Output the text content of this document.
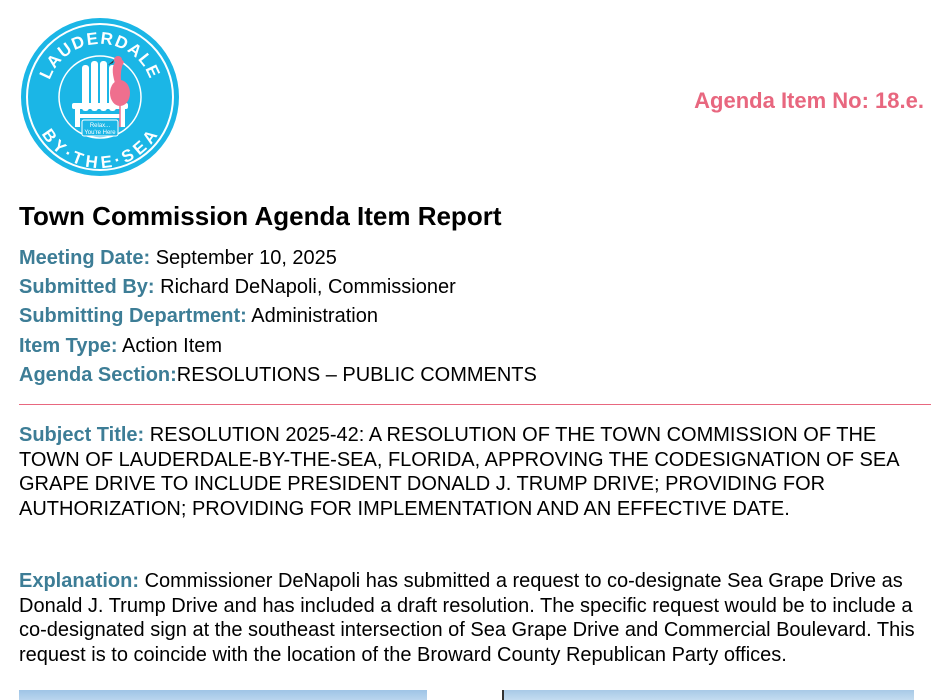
Relax...
You're Here
LAUDERDALE
BY·THE·SEA
Agenda Item No: 18.e.
Town Commission Agenda Item Report
Meeting Date: September 10, 2025
Submitted By: Richard DeNapoli, Commissioner
Submitting Department: Administration
Item Type: Action Item
Agenda Section:RESOLUTIONS – PUBLIC COMMENTS

Subject Title: RESOLUTION 2025-42: A RESOLUTION OF THE TOWN COMMISSION OF THE TOWN OF LAUDERDALE-BY-THE-SEA, FLORIDA, APPROVING THE CODESIGNATION OF SEA GRAPE DRIVE TO INCLUDE PRESIDENT DONALD J. TRUMP DRIVE; PROVIDING FOR AUTHORIZATION; PROVIDING FOR IMPLEMENTATION AND AN EFFECTIVE DATE.

Explanation: Commissioner DeNapoli has submitted a request to co-designate Sea Grape Drive as Donald J. Trump Drive and has included a draft resolution. The specific request would be to include a co-designated sign at the southeast intersection of Sea Grape Drive and Commercial Boulevard. This request is to coincide with the location of the Broward County Republican Party offices.
